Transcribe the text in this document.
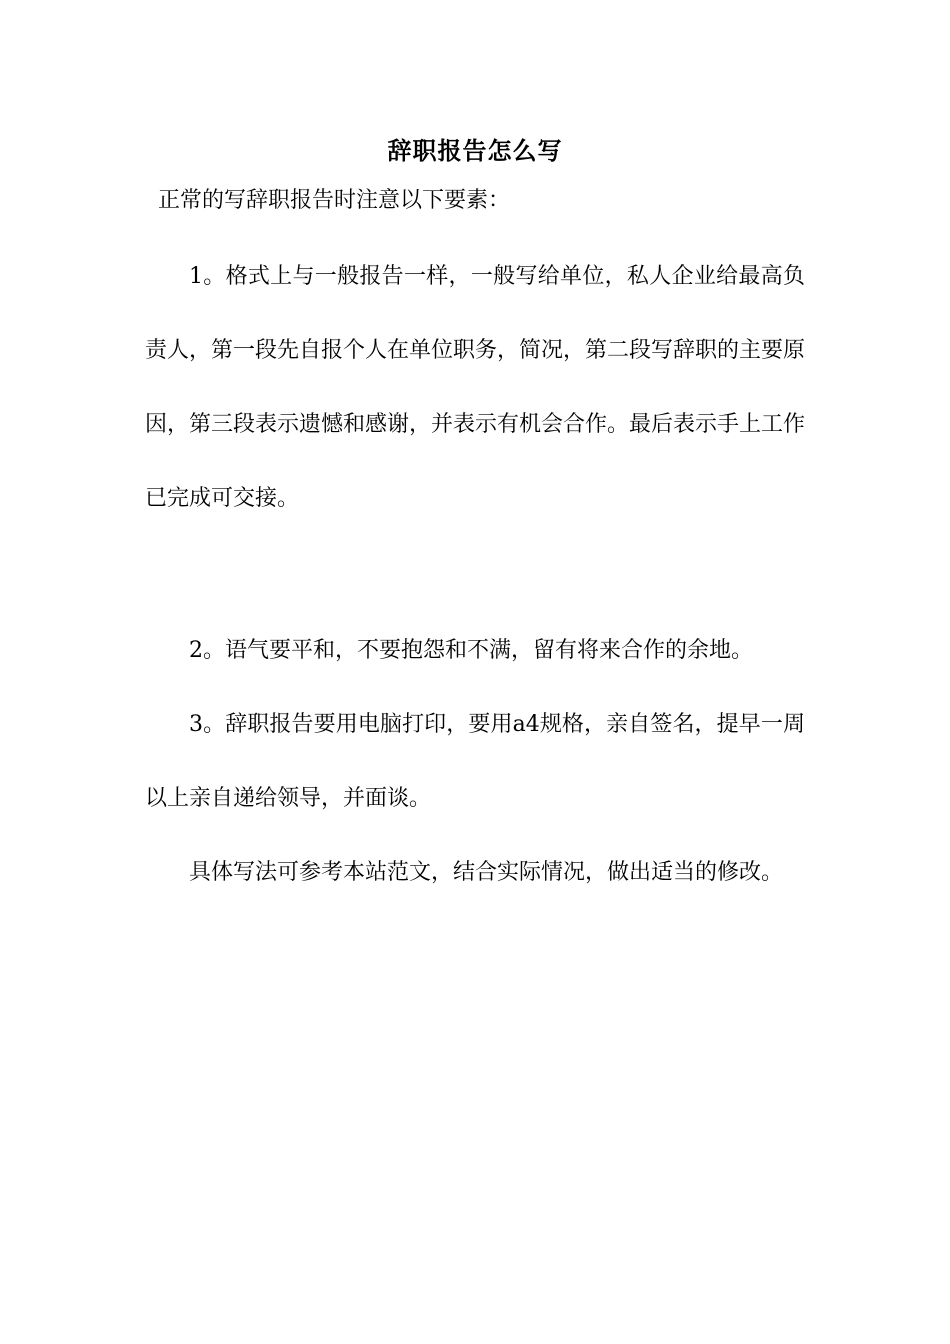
辞职报告怎么写
正常的写辞职报告时注意以下要素：

1。格式上与一般报告一样，一般写给单位，私人企业给最高负责人，第一段先自报个人在单位职务，简况，第二段写辞职的主要原因，第三段表示遗憾和感谢，并表示有机会合作。最后表示手上工作已完成可交接。

2。语气要平和，不要抱怨和不满，留有将来合作的余地。

3。辞职报告要用电脑打印，要用a4规格，亲自签名，提早一周以上亲自递给领导，并面谈。

具体写法可参考本站范文，结合实际情况，做出适当的修改。
